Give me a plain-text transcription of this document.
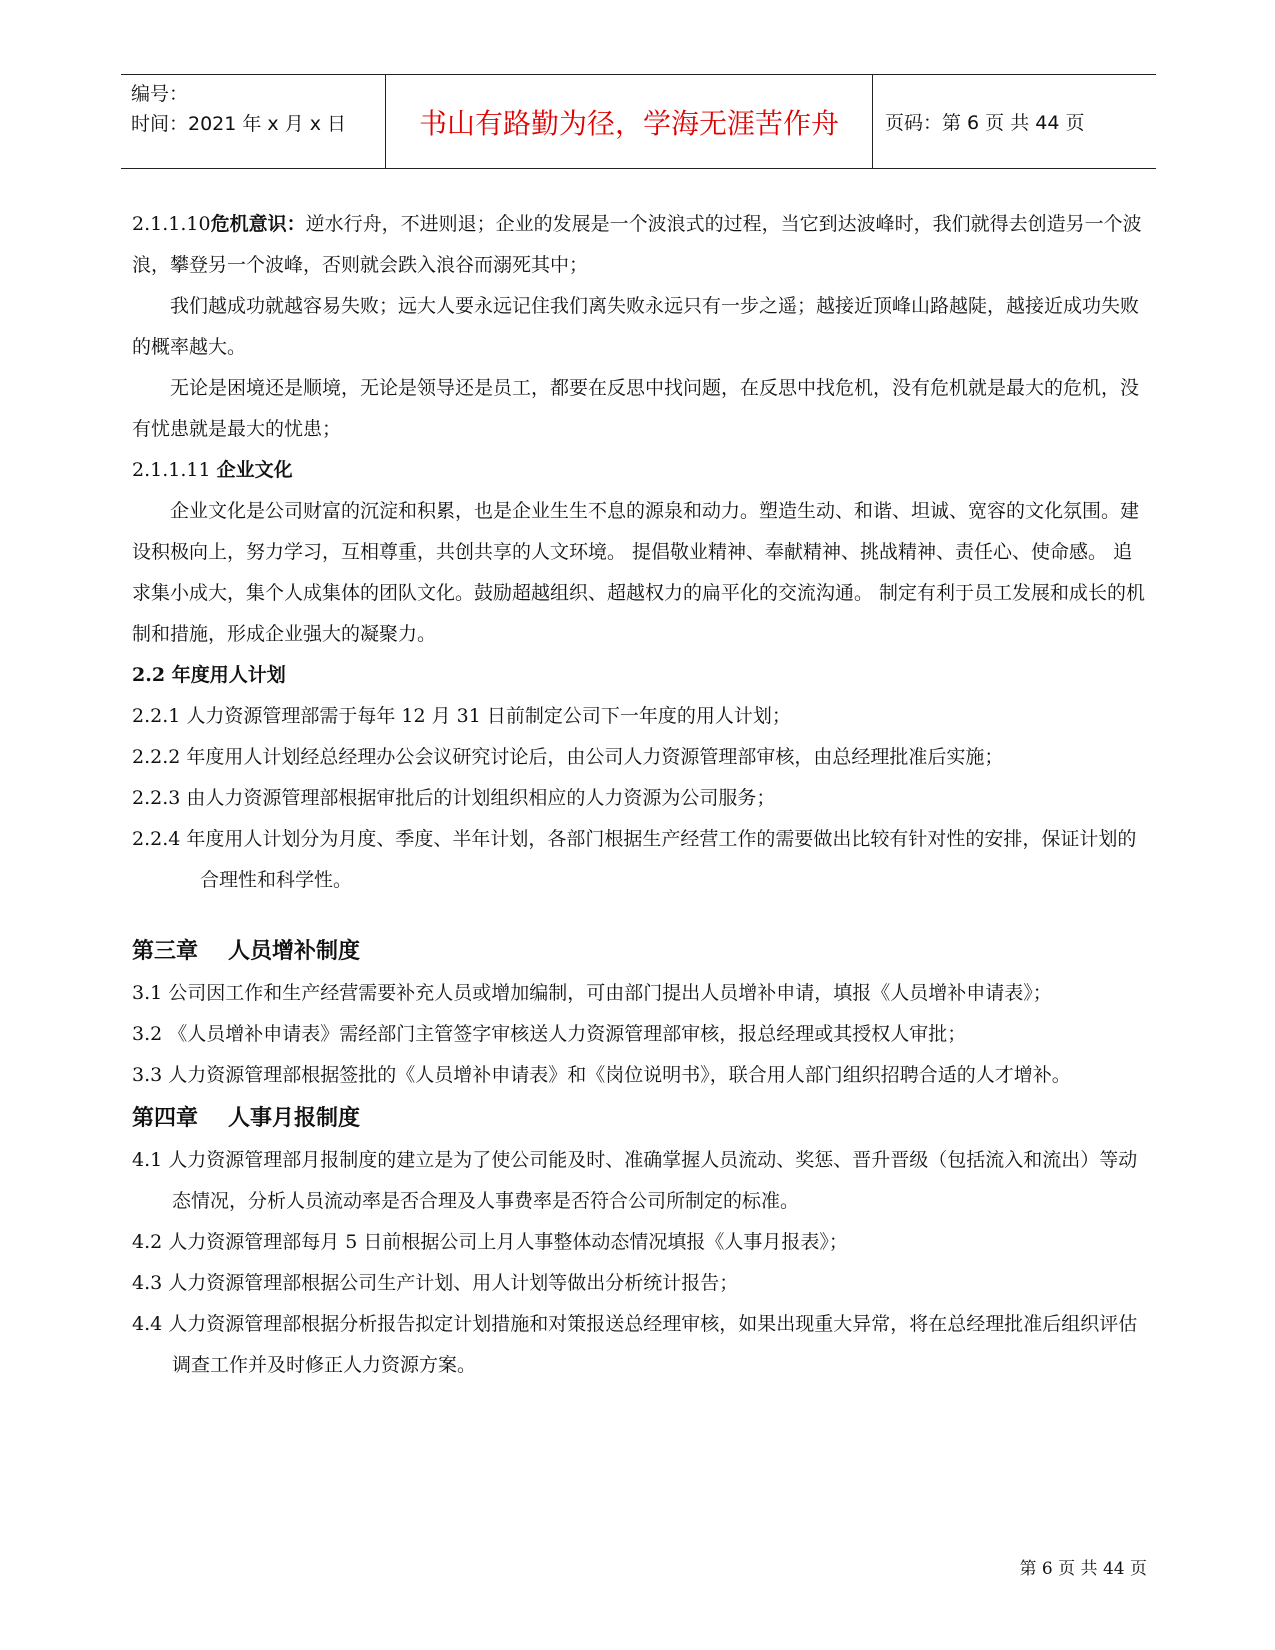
编号：
时间：2021 年 x 月 x 日	书山有路勤为径，学海无涯苦作舟	页码：第 6 页 共 44 页

2.1.1.10危机意识：逆水行舟，不进则退；企业的发展是一个波浪式的过程，当它到达波峰时，我们就得去创造另一个波浪，攀登另一个波峰，否则就会跌入浪谷而溺死其中；

我们越成功就越容易失败；远大人要永远记住我们离失败永远只有一步之遥；越接近顶峰山路越陡，越接近成功失败的概率越大。

无论是困境还是顺境，无论是领导还是员工，都要在反思中找问题，在反思中找危机，没有危机就是最大的危机，没有忧患就是最大的忧患；

2.1.1.11 企业文化

企业文化是公司财富的沉淀和积累，也是企业生生不息的源泉和动力。塑造生动、和谐、坦诚、宽容的文化氛围。建设积极向上，努力学习，互相尊重，共创共享的人文环境。 提倡敬业精神、奉献精神、挑战精神、责任心、使命感。 追求集小成大，集个人成集体的团队文化。鼓励超越组织、超越权力的扁平化的交流沟通。 制定有利于员工发展和成长的机制和措施，形成企业强大的凝聚力。

2.2 年度用人计划

2.2.1 人力资源管理部需于每年 12 月 31 日前制定公司下一年度的用人计划；

2.2.2 年度用人计划经总经理办公会议研究讨论后，由公司人力资源管理部审核，由总经理批准后实施；

2.2.3 由人力资源管理部根据审批后的计划组织相应的人力资源为公司服务；

2.2.4 年度用人计划分为月度、季度、半年计划，各部门根据生产经营工作的需要做出比较有针对性的安排，保证计划的合理性和科学性。

第三章 人员增补制度

3.1 公司因工作和生产经营需要补充人员或增加编制，可由部门提出人员增补申请，填报《人员增补申请表》；

3.2 《人员增补申请表》需经部门主管签字审核送人力资源管理部审核，报总经理或其授权人审批；

3.3 人力资源管理部根据签批的《人员增补申请表》和《岗位说明书》，联合用人部门组织招聘合适的人才增补。

第四章 人事月报制度

4.1 人力资源管理部月报制度的建立是为了使公司能及时、准确掌握人员流动、奖惩、晋升晋级（包括流入和流出）等动态情况，分析人员流动率是否合理及人事费率是否符合公司所制定的标准。

4.2 人力资源管理部每月 5 日前根据公司上月人事整体动态情况填报《人事月报表》；

4.3 人力资源管理部根据公司生产计划、用人计划等做出分析统计报告；

4.4 人力资源管理部根据分析报告拟定计划措施和对策报送总经理审核，如果出现重大异常，将在总经理批准后组织评估调查工作并及时修正人力资源方案。

第 6 页 共 44 页
